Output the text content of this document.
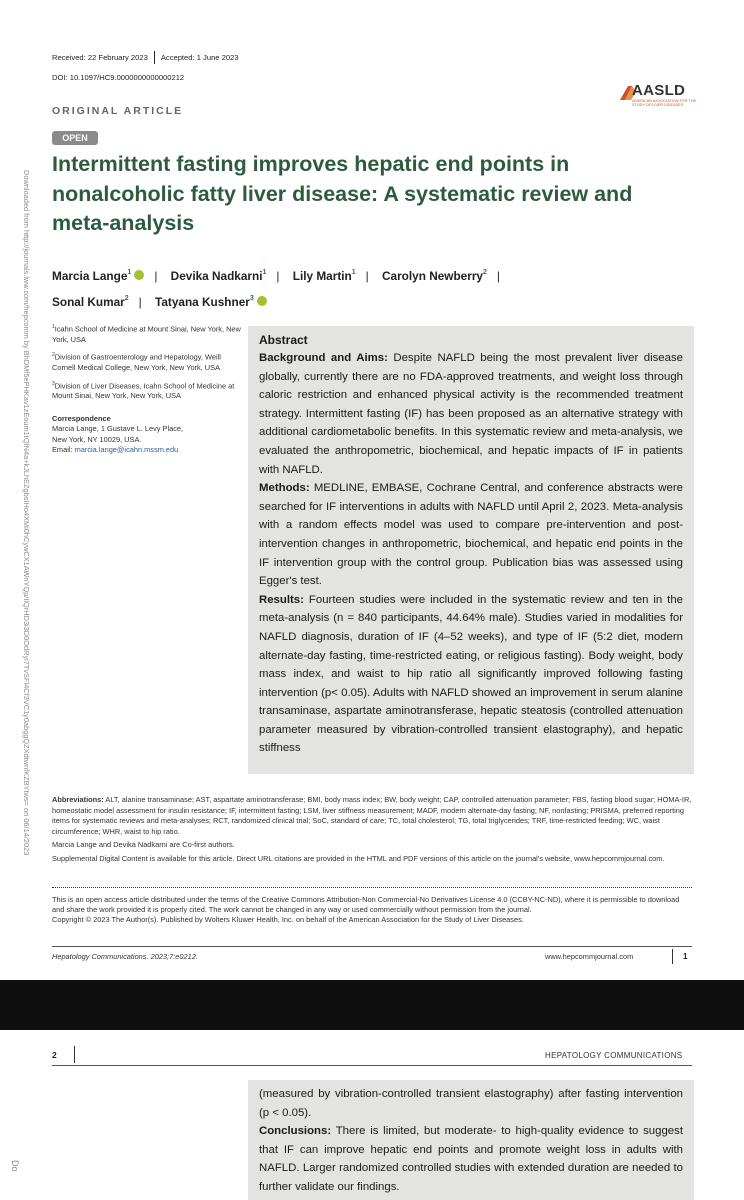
Downloaded from http://journals.lww.com/hepcomm by BhDMf5ePHKav1zEoum1tQfN4a+kJLhEZgbsIHo4XMi0hCywCX1AWnYQp/IlQrHD3i3D0OdRyi7TvSFl4Cf3VC1y0abggQZXdtwnfKZBYtws= on 06/14/2023
Received: 22 February 2023 Accepted: 1 June 2023
DOI: 10.1097/HC9.0000000000000212
AASLD
AMERICAN ASSOCIATION FOR THE STUDY OF LIVER DISEASES
ORIGINAL ARTICLE
OPEN
Intermittent fasting improves hepatic end points in nonalcoholic fatty liver disease: A systematic review and meta-analysis
Marcia Lange$^1$ | Devika Nadkarni$^1$ | Lily Martin$^1$ | Carolyn Newberry$^2$ |
Sonal Kumar$^2$ | Tatyana Kushner$^3$
$^1$Icahn School of Medicine at Mount Sinai, New York, New York, USA
$^2$Division of Gastroenterology and Hepatology, Weill Cornell Medical College, New York, New York, USA
$^3$Division of Liver Diseases, Icahn School of Medicine at Mount Sinai, New York, New York, USA
Correspondence
Marcia Lange, 1 Gustave L. Levy Place,
New York, NY 10029, USA.
Email: marcia.lange@icahn.mssm.edu
Abstract

Background and Aims: Despite NAFLD being the most prevalent liver disease globally, currently there are no FDA-approved treatments, and weight loss through caloric restriction and enhanced physical activity is the recommended treatment strategy. Intermittent fasting (IF) has been proposed as an alternative strategy with additional cardiometabolic benefits. In this systematic review and meta-analysis, we evaluated the anthropometric, biochemical, and hepatic impacts of IF in patients with NAFLD.

Methods: MEDLINE, EMBASE, Cochrane Central, and conference abstracts were searched for IF interventions in adults with NAFLD until April 2, 2023. Meta-analysis with a random effects model was used to compare pre-intervention and post-intervention changes in anthropometric, biochemical, and hepatic end points in the IF intervention group with the control group. Publication bias was assessed using Egger's test.

Results: Fourteen studies were included in the systematic review and ten in the meta-analysis (n = 840 participants, 44.64% male). Studies varied in modalities for NAFLD diagnosis, duration of IF (4–52 weeks), and type of IF (5:2 diet, modern alternate-day fasting, time-restricted eating, or religious fasting). Body weight, body mass index, and waist to hip ratio all significantly improved following fasting intervention (p< 0.05). Adults with NAFLD showed an improvement in serum alanine transaminase, aspartate aminotransferase, hepatic steatosis (controlled attenuation parameter measured by vibration-controlled transient elastography), and hepatic stiffness

Abbreviations: ALT, alanine transaminase; AST, aspartate aminotransferase; BMI, body mass index; BW, body weight; CAP, controlled attenuation parameter; FBS, fasting blood sugar; HOMA-IR, homeostatic model assessment for insulin resistance; IF, intermittent fasting; LSM, liver stiffness measurement; MADF, modern alternate-day fasting; NF, nonfasting; PRISMA, preferred reporting items for systematic reviews and meta-analyses; RCT, randomized clinical trial; SoC, standard of care; TC, total cholesterol; TG, total triglycerides; TRF, time-restricted feeding; WC, waist circumference; WHR, waist to hip ratio.

Marcia Lange and Devika Nadkarni are Co-first authors.

Supplemental Digital Content is available for this article. Direct URL citations are provided in the HTML and PDF versions of this article on the journal's website, www.hepcommjournal.com.

This is an open access article distributed under the terms of the Creative Commons Attribution-Non Commercial-No Derivatives License 4.0 (CCBY-NC-ND), where it is permissible to download and share the work provided it is properly cited. The work cannot be changed in any way or used commercially without permission from the journal.

Copyright © 2023 The Author(s). Published by Wolters Kluwer Health, Inc. on behalf of the American Association for the Study of Liver Diseases.

Hepatology Communications. 2023;7:e0212.	www.hepcommjournal.com	1
2	HEPATOLOGY COMMUNICATIONS

(measured by vibration-controlled transient elastography) after fasting intervention (p < 0.05).

Conclusions: There is limited, but moderate- to high-quality evidence to suggest that IF can improve hepatic end points and promote weight loss in adults with NAFLD. Larger randomized controlled studies with extended duration are needed to further validate our findings.

Do
